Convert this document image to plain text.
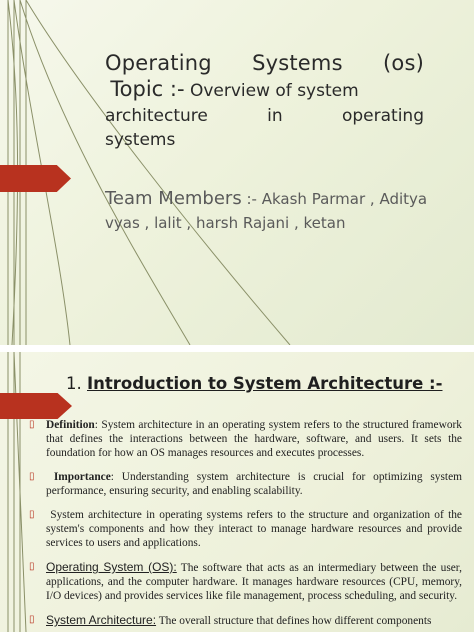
Operating Systems (os)
Topic :- Overview of system
architecture	in	operating
systems
Team Members :- Akash Parmar , Aditya vyas , lalit , harsh Rajani , ketan
1. Introduction to System Architecture :-
▯ Definition: System architecture in an operating system refers to the structured framework that defines the interactions between the hardware, software, and users. It sets the foundation for how an OS manages resources and executes processes.
▯ Importance: Understanding system architecture is crucial for optimizing system performance, ensuring security, and enabling scalability.
▯ System architecture in operating systems refers to the structure and organization of the system's components and how they interact to manage hardware resources and provide services to users and applications.
▯ Operating System (OS): The software that acts as an intermediary between the user, applications, and the computer hardware. It manages hardware resources (CPU, memory, I/O devices) and provides services like file management, process scheduling, and security.
▯ System Architecture: The overall structure that defines how different components
